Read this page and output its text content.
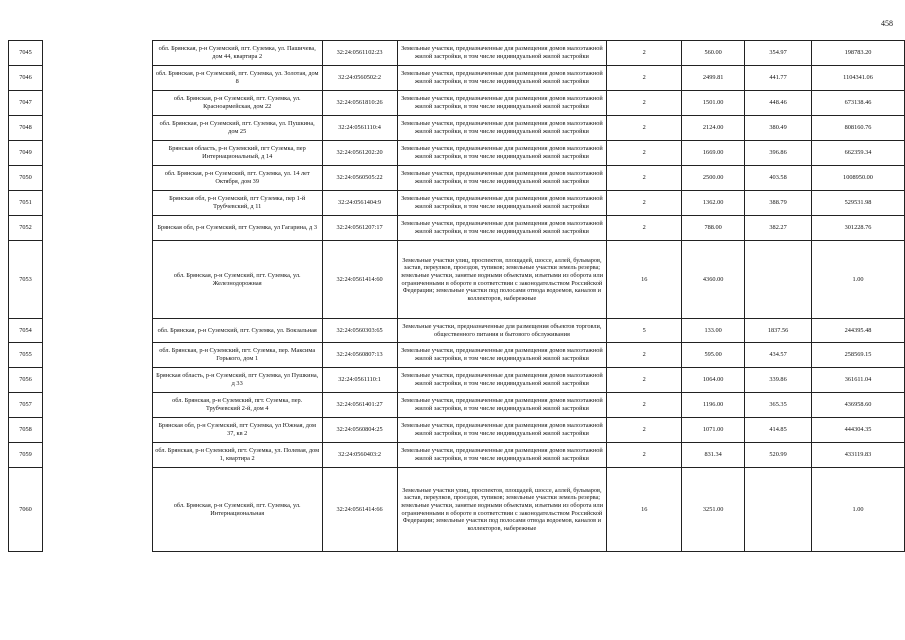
458
7045		обл. Брянская, р-н Суземский, пгт. Суземка, ул. Пашичева, дом 44, квартира 2	32:24:0561102:23	Земельные участки, предназначенные для размещения домов малоэтажной жилой застройки, в том числе индивидуальной жилой застройки	2	560.00	354.97	198783.20
7046		обл. Брянская, р-н Суземский, пгт. Суземка, ул. Золотая, дом 8	32:24:0560502:2	Земельные участки, предназначенные для размещения домов малоэтажной жилой застройки, в том числе индивидуальной жилой застройки	2	2499.81	441.77	1104341.06
7047		обл. Брянская, р-н Суземский, пгт. Суземка, ул. Красноармейская, дом 22	32:24:0561810:26	Земельные участки, предназначенные для размещения домов малоэтажной жилой застройки, в том числе индивидуальной жилой застройки	2	1501.00	448.46	673138.46
7048		обл. Брянская, р-н Суземский, пгт. Суземка, ул. Пушкина, дом 25	32:24:0561110:4	Земельные участки, предназначенные для размещения домов малоэтажной жилой застройки, в том числе индивидуальной жилой застройки	2	2124.00	380.49	808160.76
7049		Брянская область, р-н Суземский, пгт Суземка, пер Интернациональный, д 14	32:24:0561202:20	Земельные участки, предназначенные для размещения домов малоэтажной жилой застройки, в том числе индивидуальной жилой застройки	2	1669.00	396.86	662359.34
7050		обл. Брянская, р-н Суземский, пгт. Суземка, ул. 14 лет Октября, дом 39	32:24:0560505:22	Земельные участки, предназначенные для размещения домов малоэтажной жилой застройки, в том числе индивидуальной жилой застройки	2	2500.00	403.58	1008950.00
7051		Брянская обл, р-н Суземский, пгт Суземка, пер 1-й Трубчевский, д 11	32:24:0561404:9	Земельные участки, предназначенные для размещения домов малоэтажной жилой застройки, в том числе индивидуальной жилой застройки	2	1362.00	388.79	529531.98
7052		Брянская обл, р-н Суземский, пгт Суземка, ул Гагарина, д 3	32:24:0561207:17	Земельные участки, предназначенные для размещения домов малоэтажной жилой застройки, в том числе индивидуальной жилой застройки	2	788.00	382.27	301228.76
7053		обл. Брянская, р-н Суземский, пгт. Суземка, ул. Железнодорожная	32:24:0561414:60	Земельные участки улиц, проспектов, площадей, шоссе, аллей, бульваров, застав, переулков, проездов, тупиков; земельные участки земель резерва; земельные участки, занятые водными объектами, изъятыми из оборота или ограниченными в обороте в соответствии с законодательством Российской Федерации; земельные участки под полосами отвода водоемов, каналов и коллекторов, набережные	16	4360.00		1.00
7054		обл. Брянская, р-н Суземский, пгт. Суземка, ул. Вокзальная	32:24:0560303:65	Земельные участки, предназначенные для размещения объектов торговли, общественного питания и бытового обслуживания	5	133.00	1837.56	244395.48
7055		обл. Брянская, р-н Суземский, пгт. Суземка, пер. Максима Горького, дом 1	32:24:0560807:13	Земельные участки, предназначенные для размещения домов малоэтажной жилой застройки, в том числе индивидуальной жилой застройки	2	595.00	434.57	258569.15
7056		Брянская область, р-н Суземский, пгт Суземка, ул Пушкина, д 33	32:24:0561110:1	Земельные участки, предназначенные для размещения домов малоэтажной жилой застройки, в том числе индивидуальной жилой застройки	2	1064.00	339.86	361611.04
7057		обл. Брянская, р-н Суземский, пгт. Суземка, пер. Трубчевский 2-й, дом 4	32:24:0561401:27	Земельные участки, предназначенные для размещения домов малоэтажной жилой застройки, в том числе индивидуальной жилой застройки	2	1196.00	365.35	436958.60
7058		Брянская обл, р-н Суземский, пгт Суземка, ул Южная, дом 37, кв 2	32:24:0560804:25	Земельные участки, предназначенные для размещения домов малоэтажной жилой застройки, в том числе индивидуальной жилой застройки	2	1071.00	414.85	444304.35
7059		обл. Брянская, р-н Суземский, пгт. Суземка, ул. Полевая, дом 1, квартира 2	32:24:0560403:2	Земельные участки, предназначенные для размещения домов малоэтажной жилой застройки, в том числе индивидуальной жилой застройки	2	831.34	520.99	433119.83
7060		обл. Брянская, р-н Суземский, пгт. Суземка, ул. Интернациональная	32:24:0561414:66	Земельные участки улиц, проспектов, площадей, шоссе, аллей, бульваров, застав, переулков, проездов, тупиков; земельные участки земель резерва; земельные участки, занятые водными объектами, изъятыми из оборота или ограниченными в обороте в соответствии с законодательством Российской Федерации; земельные участки под полосами отвода водоемов, каналов и коллекторов, набережные	16	3251.00		1.00
